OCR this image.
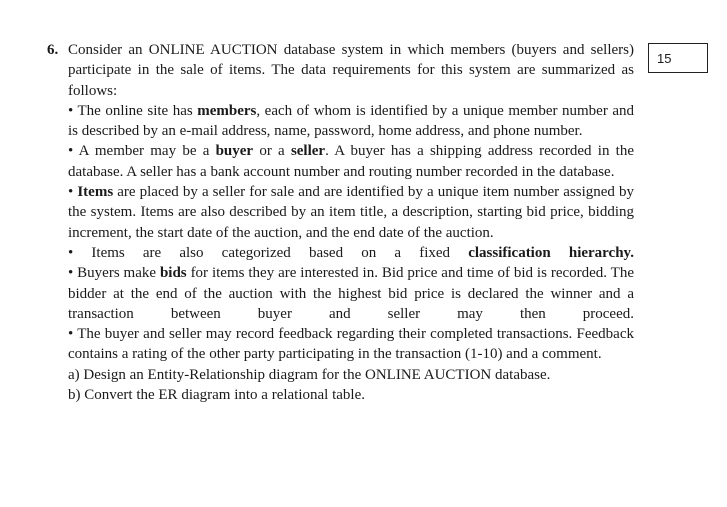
6. Consider an ONLINE AUCTION database system in which members (buyers and sellers) participate in the sale of items. The data requirements for this system are summarized as follows:

• The online site has members, each of whom is identified by a unique member number and is described by an e-mail address, name, password, home address, and phone number.

• A member may be a buyer or a seller. A buyer has a shipping address recorded in the database. A seller has a bank account number and routing number recorded in the database.

• Items are placed by a seller for sale and are identified by a unique item number assigned by the system. Items are also described by an item title, a description, starting bid price, bidding increment, the start date of the auction, and the end date of the auction.

• Items are also categorized based on a fixed classification hierarchy.

• Buyers make bids for items they are interested in. Bid price and time of bid is recorded. The bidder at the end of the auction with the highest bid price is declared the winner and a transaction between buyer and seller may then proceed.

• The buyer and seller may record feedback regarding their completed transactions. Feedback contains a rating of the other party participating in the transaction (1-10) and a comment.

a) Design an Entity-Relationship diagram for the ONLINE AUCTION database.

b) Convert the ER diagram into a relational table.

15
